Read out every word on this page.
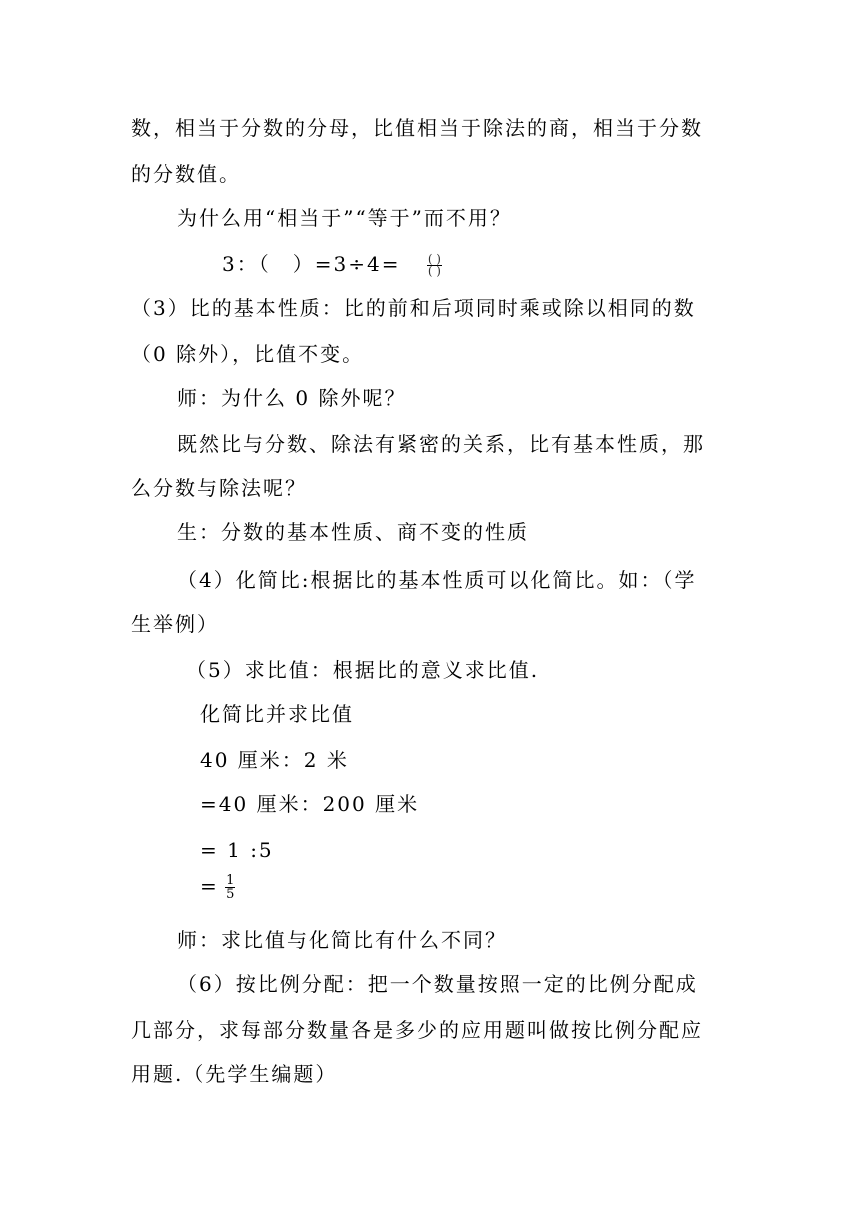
数，相当于分数的分母，比值相当于除法的商，相当于分数
的分数值。
为什么用“相当于”“等于”而不用？
3：（　）$=3\div 4= \frac{( )}{( )}$
（3）比的基本性质：比的前和后项同时乘或除以相同的数
（0 除外），比值不变。
师：为什么 0 除外呢？
既然比与分数、除法有紧密的关系，比有基本性质，那
么分数与除法呢？
生：分数的基本性质、商不变的性质
（4）化简比:根据比的基本性质可以化简比。如：（学
生举例）
（5）求比值：根据比的意义求比值.
化简比并求比值
40 厘米：2 米
=40 厘米：200 厘米
= 1 :5
= $\frac{1}{5}$
师：求比值与化简比有什么不同？
（6）按比例分配：把一个数量按照一定的比例分配成
几部分，求每部分数量各是多少的应用题叫做按比例分配应
用题.（先学生编题）
